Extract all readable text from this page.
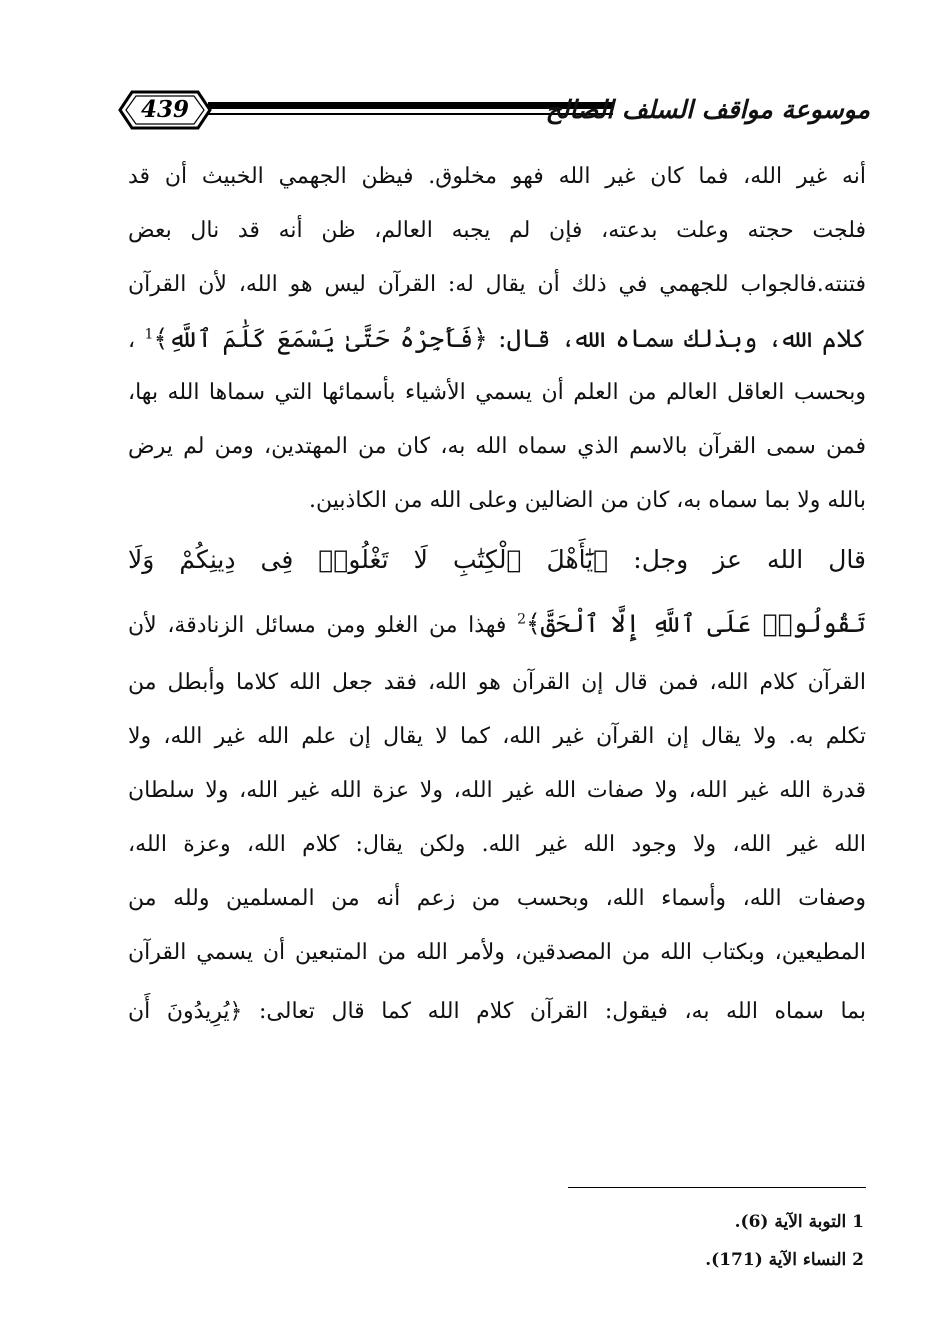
439	موسوعة مواقف السلف الصالح
أنه غير الله، فما كان غير الله فهو مخلوق. فيظن الجهمي الخبيث أن قد
فلجت حجته وعلت بدعته، فإن لم يجبه العالم، ظن أنه قد نال بعض
فتنته.فالجواب للجهمي في ذلك أن يقال له: القرآن ليس هو الله، لأن القرآن
كلام الله، وبذلك سماه الله، قال: ﴿فَأَجِرْهُ حَتَّىٰ يَسْمَعَ كَلَٰمَ ٱللَّهِ﴾$^1$ ،
وبحسب العاقل العالم من العلم أن يسمي الأشياء بأسمائها التي سماها الله بها،
فمن سمى القرآن بالاسم الذي سماه الله به، كان من المهتدين، ومن لم يرض
بالله ولا بما سماه به، كان من الضالين وعلى الله من الكاذبين.
قال الله عز وجل: ﴿يَٰٓأَهْلَ ٱلْكِتَٰبِ لَا تَغْلُوا۟ فِى دِينِكُمْ وَلَا
تَقُولُوا۟ عَلَى ٱللَّهِ إِلَّا ٱلْحَقَّ﴾$^2$ فهذا من الغلو ومن مسائل الزنادقة، لأن
القرآن كلام الله، فمن قال إن القرآن هو الله، فقد جعل الله كلاما وأبطل من
تكلم به. ولا يقال إن القرآن غير الله، كما لا يقال إن علم الله غير الله، ولا
قدرة الله غير الله، ولا صفات الله غير الله، ولا عزة الله غير الله، ولا سلطان
الله غير الله، ولا وجود الله غير الله. ولكن يقال: كلام الله، وعزة الله،
وصفات الله، وأسماء الله، وبحسب من زعم أنه من المسلمين ولله من
المطيعين، وبكتاب الله من المصدقين، ولأمر الله من المتبعين أن يسمي القرآن
بما سماه الله به، فيقول: القرآن كلام الله كما قال تعالى: ﴿يُرِيدُونَ أَن
1 التوبة الآية (6).
2 النساء الآية (171).
